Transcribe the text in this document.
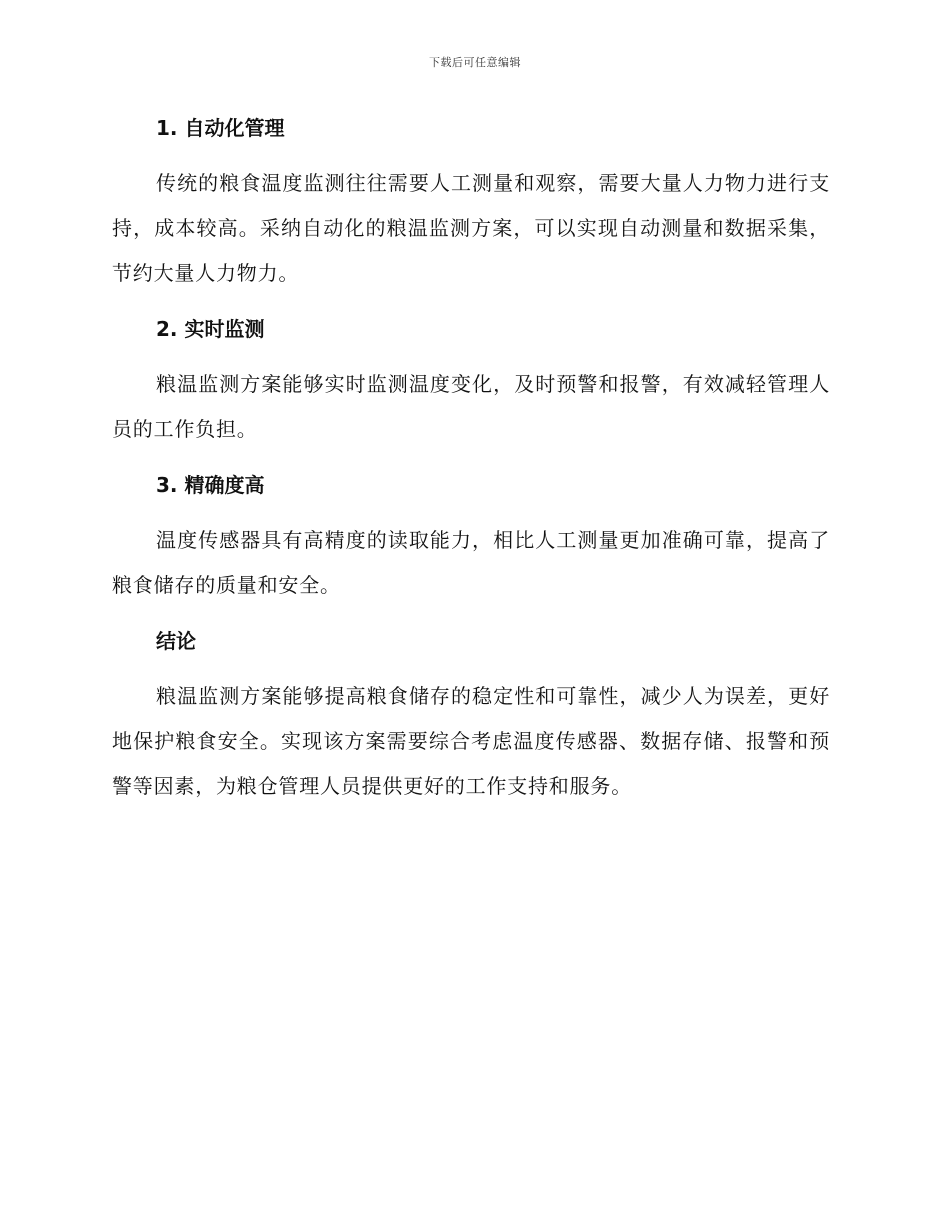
下载后可任意编辑
1. 自动化管理

传统的粮食温度监测往往需要人工测量和观察，需要大量人力物力进行支持，成本较高。采纳自动化的粮温监测方案，可以实现自动测量和数据采集，节约大量人力物力。

2. 实时监测

粮温监测方案能够实时监测温度变化，及时预警和报警，有效减轻管理人员的工作负担。

3. 精确度高

温度传感器具有高精度的读取能力，相比人工测量更加准确可靠，提高了粮食储存的质量和安全。

结论

粮温监测方案能够提高粮食储存的稳定性和可靠性，减少人为误差，更好地保护粮食安全。实现该方案需要综合考虑温度传感器、数据存储、报警和预警等因素，为粮仓管理人员提供更好的工作支持和服务。
